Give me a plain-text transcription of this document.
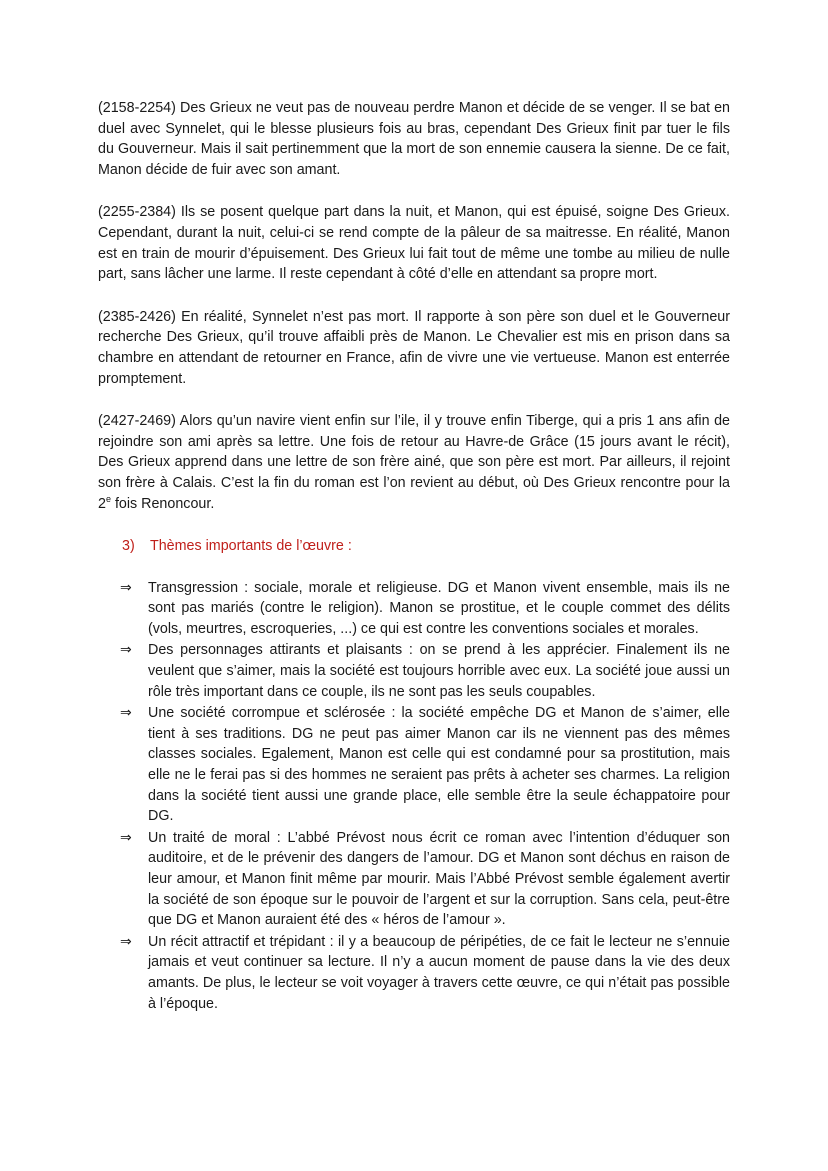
(2158-2254) Des Grieux ne veut pas de nouveau perdre Manon et décide de se venger. Il se bat en duel avec Synnelet, qui le blesse plusieurs fois au bras, cependant Des Grieux finit par tuer le fils du Gouverneur. Mais il sait pertinemment que la mort de son ennemie causera la sienne. De ce fait, Manon décide de fuir avec son amant.

(2255-2384) Ils se posent quelque part dans la nuit, et Manon, qui est épuisé, soigne Des Grieux. Cependant, durant la nuit, celui-ci se rend compte de la pâleur de sa maitresse. En réalité, Manon est en train de mourir d’épuisement. Des Grieux lui fait tout de même une tombe au milieu de nulle part, sans lâcher une larme. Il reste cependant à côté d’elle en attendant sa propre mort.

(2385-2426) En réalité, Synnelet n’est pas mort. Il rapporte à son père son duel et le Gouverneur recherche Des Grieux, qu’il trouve affaibli près de Manon. Le Chevalier est mis en prison dans sa chambre en attendant de retourner en France, afin de vivre une vie vertueuse. Manon est enterrée promptement.

(2427-2469) Alors qu’un navire vient enfin sur l’ile, il y trouve enfin Tiberge, qui a pris 1 ans afin de rejoindre son ami après sa lettre. Une fois de retour au Havre-de Grâce (15 jours avant le récit), Des Grieux apprend dans une lettre de son frère ainé, que son père est mort. Par ailleurs, il rejoint son frère à Calais. C’est la fin du roman est l’on revient au début, où Des Grieux rencontre pour la 2e fois Renoncour.

3) Thèmes importants de l’œuvre :
⇒ Transgression : sociale, morale et religieuse. DG et Manon vivent ensemble, mais ils ne sont pas mariés (contre le religion). Manon se prostitue, et le couple commet des délits (vols, meurtres, escroqueries, ...) ce qui est contre les conventions sociales et morales.
⇒ Des personnages attirants et plaisants : on se prend à les apprécier. Finalement ils ne veulent que s’aimer, mais la société est toujours horrible avec eux. La société joue aussi un rôle très important dans ce couple, ils ne sont pas les seuls coupables.
⇒ Une société corrompue et sclérosée : la société empêche DG et Manon de s’aimer, elle tient à ses traditions. DG ne peut pas aimer Manon car ils ne viennent pas des mêmes classes sociales. Egalement, Manon est celle qui est condamné pour sa prostitution, mais elle ne le ferai pas si des hommes ne seraient pas prêts à acheter ses charmes. La religion dans la société tient aussi une grande place, elle semble être la seule échappatoire pour DG.
⇒ Un traité de moral : L’abbé Prévost nous écrit ce roman avec l’intention d’éduquer son auditoire, et de le prévenir des dangers de l’amour. DG et Manon sont déchus en raison de leur amour, et Manon finit même par mourir. Mais l’Abbé Prévost semble également avertir la société de son époque sur le pouvoir de l’argent et sur la corruption. Sans cela, peut-être que DG et Manon auraient été des « héros de l’amour ».
⇒ Un récit attractif et trépidant : il y a beaucoup de péripéties, de ce fait le lecteur ne s’ennuie jamais et veut continuer sa lecture. Il n’y a aucun moment de pause dans la vie des deux amants. De plus, le lecteur se voit voyager à travers cette œuvre, ce qui n’était pas possible à l’époque.
